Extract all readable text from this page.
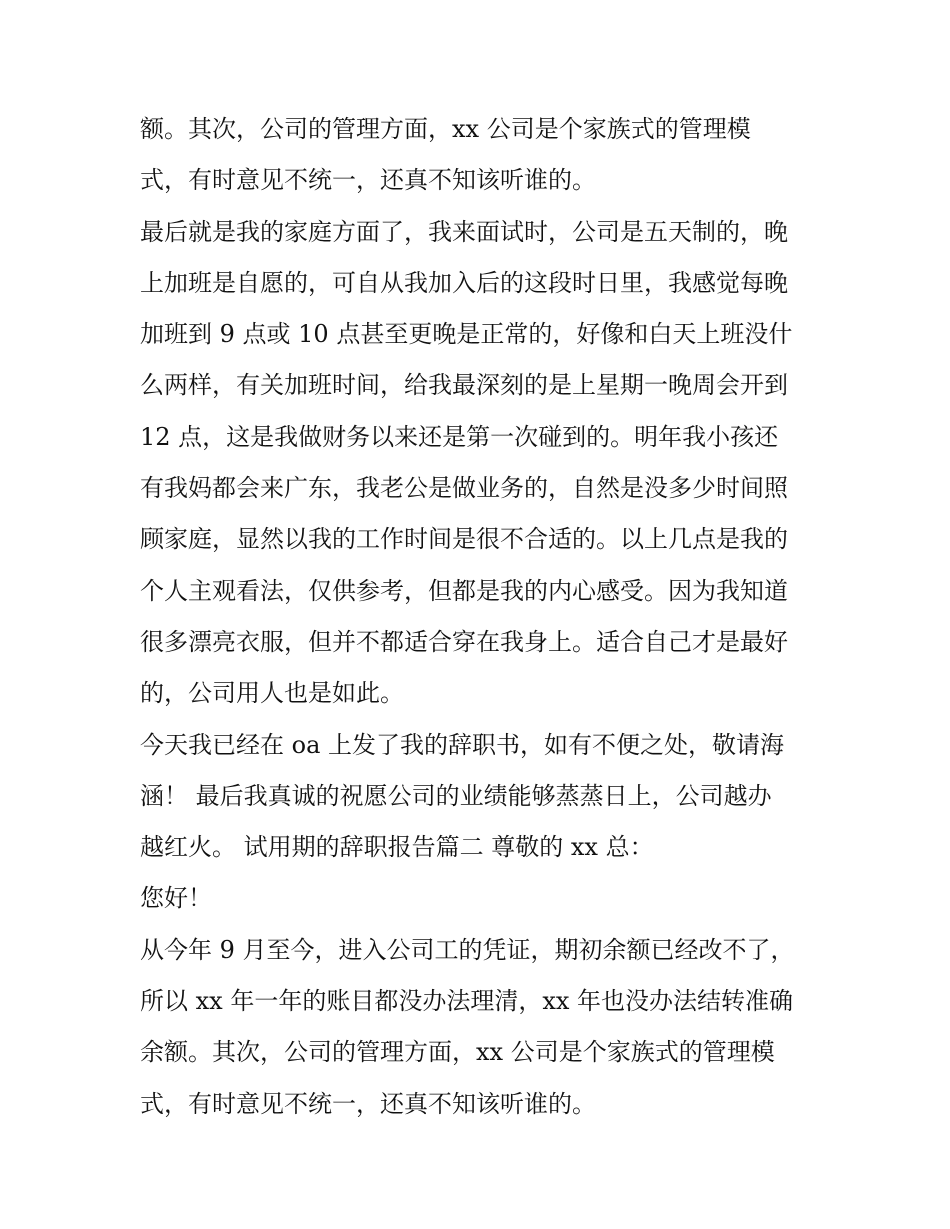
额。其次，公司的管理方面，xx 公司是个家族式的管理模
式，有时意见不统一，还真不知该听谁的。
最后就是我的家庭方面了，我来面试时，公司是五天制的，晚
上加班是自愿的，可自从我加入后的这段时日里，我感觉每晚
加班到 9 点或 10 点甚至更晚是正常的，好像和白天上班没什
么两样，有关加班时间，给我最深刻的是上星期一晚周会开到
12 点，这是我做财务以来还是第一次碰到的。明年我小孩还
有我妈都会来广东，我老公是做业务的，自然是没多少时间照
顾家庭，显然以我的工作时间是很不合适的。以上几点是我的
个人主观看法，仅供参考，但都是我的内心感受。因为我知道
很多漂亮衣服，但并不都适合穿在我身上。适合自己才是最好
的，公司用人也是如此。
今天我已经在 oa 上发了我的辞职书，如有不便之处，敬请海
涵！ 最后我真诚的祝愿公司的业绩能够蒸蒸日上，公司越办
越红火。 试用期的辞职报告篇二 尊敬的 xx 总：
您好！
从今年 9 月至今，进入公司工的凭证，期初余额已经改不了，
所以 xx 年一年的账目都没办法理清，xx 年也没办法结转准确
余额。其次，公司的管理方面，xx 公司是个家族式的管理模
式，有时意见不统一，还真不知该听谁的。
